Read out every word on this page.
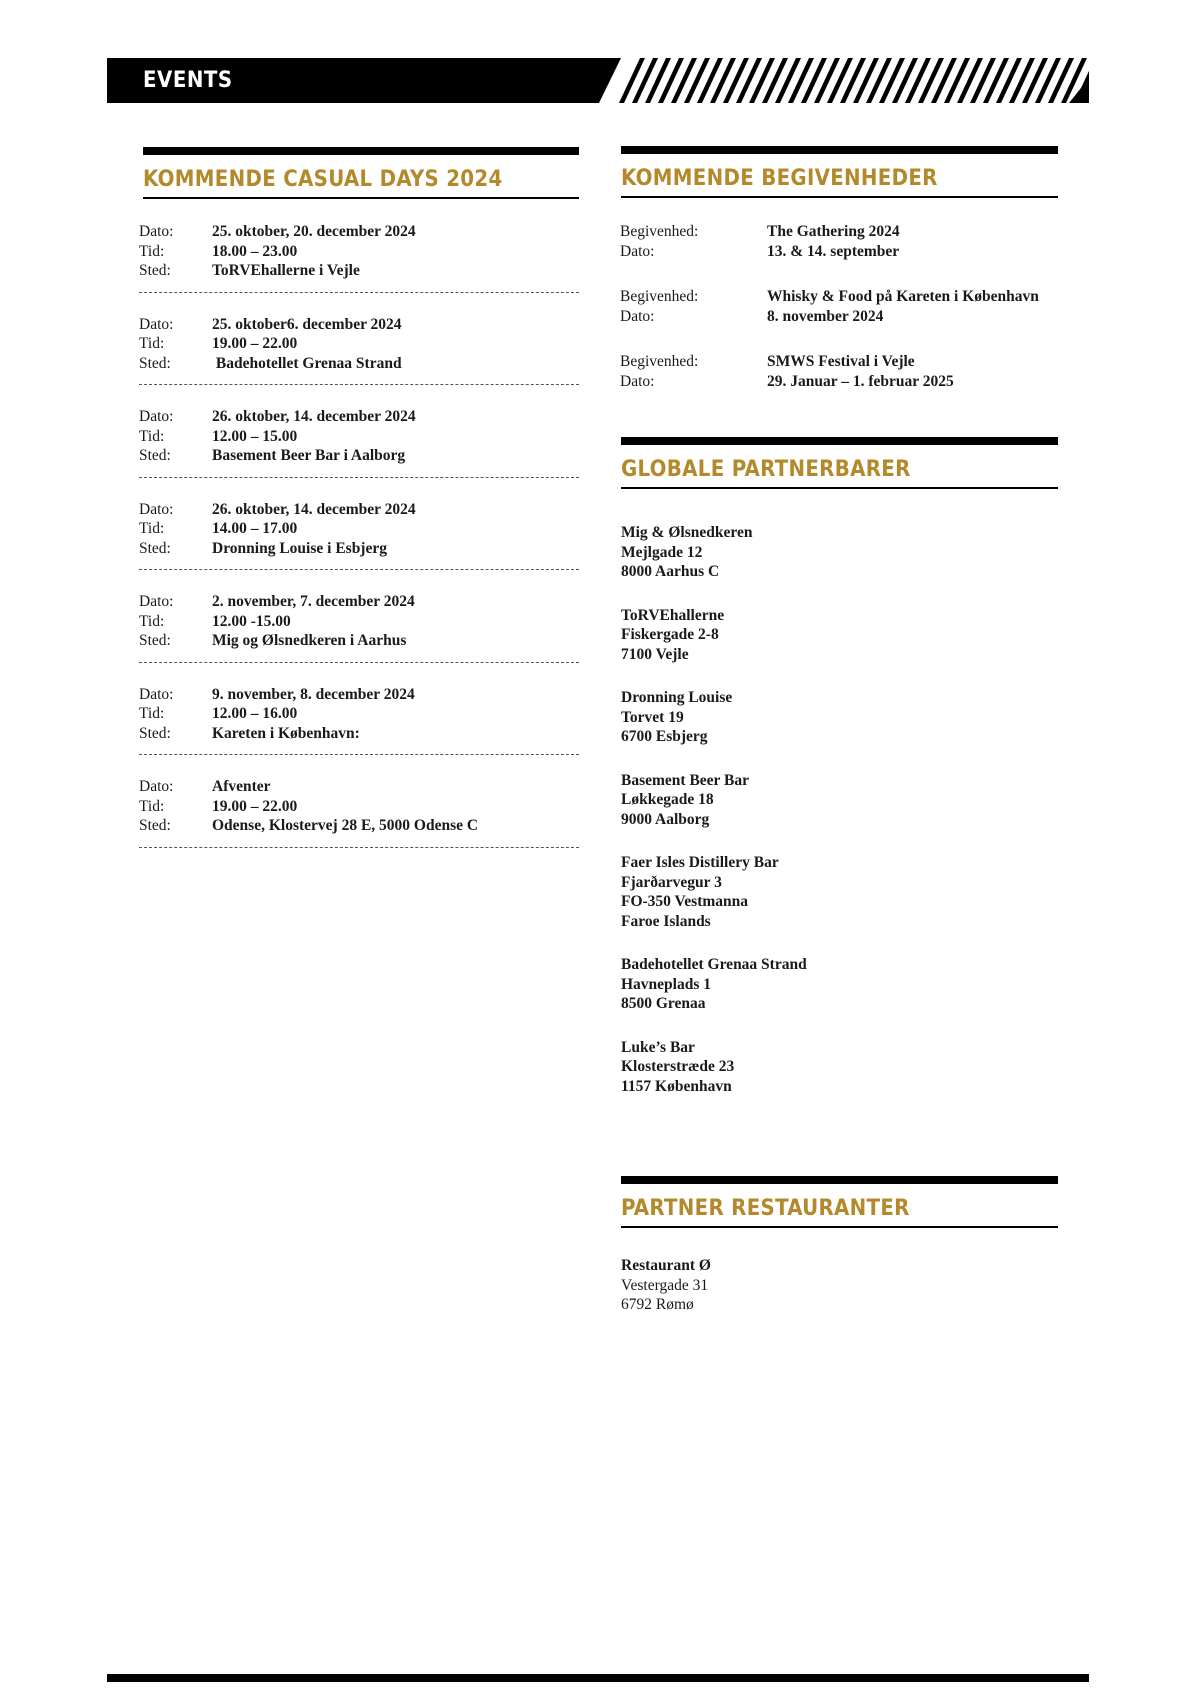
EVENTS
KOMMENDE CASUAL DAYS 2024
Dato:	25. oktober, 20. december 2024
Tid:	18.00 – 23.00
Sted:	ToRVEhallerne i Vejle
Dato:	25. oktober6. december 2024
Tid:	19.00 – 22.00
Sted:	Badehotellet Grenaa Strand
Dato:	26. oktober, 14. december 2024
Tid:	12.00 – 15.00
Sted:	Basement Beer Bar i Aalborg
Dato:	26. oktober, 14. december 2024
Tid:	14.00 – 17.00
Sted:	Dronning Louise i Esbjerg
Dato:	2. november, 7. december 2024
Tid:	12.00 -15.00
Sted:	Mig og Ølsnedkeren i Aarhus
Dato:	9. november, 8. december 2024
Tid:	12.00 – 16.00
Sted:	Kareten i København:
Dato:	Afventer
Tid:	19.00 – 22.00
Sted:	Odense, Klostervej 28 E, 5000 Odense C
KOMMENDE BEGIVENHEDER
Begivenhed:	The Gathering 2024
Dato:	13. & 14. september
Begivenhed:	Whisky & Food på Kareten i København
Dato:	8. november 2024
Begivenhed:	SMWS Festival i Vejle
Dato:	29. Januar – 1. februar 2025
GLOBALE PARTNERBARER
Mig & Ølsnedkeren
Mejlgade 12
8000 Aarhus C
ToRVEhallerne
Fiskergade 2-8
7100 Vejle
Dronning Louise
Torvet 19
6700 Esbjerg
Basement Beer Bar
Løkkegade 18
9000 Aalborg
Faer Isles Distillery Bar
Fjarðarvegur 3
FO-350 Vestmanna
Faroe Islands
Badehotellet Grenaa Strand
Havneplads 1
8500 Grenaa
Luke’s Bar
Klosterstræde 23
1157 København
PARTNER RESTAURANTER
Restaurant Ø
Vestergade 31
6792 Rømø
